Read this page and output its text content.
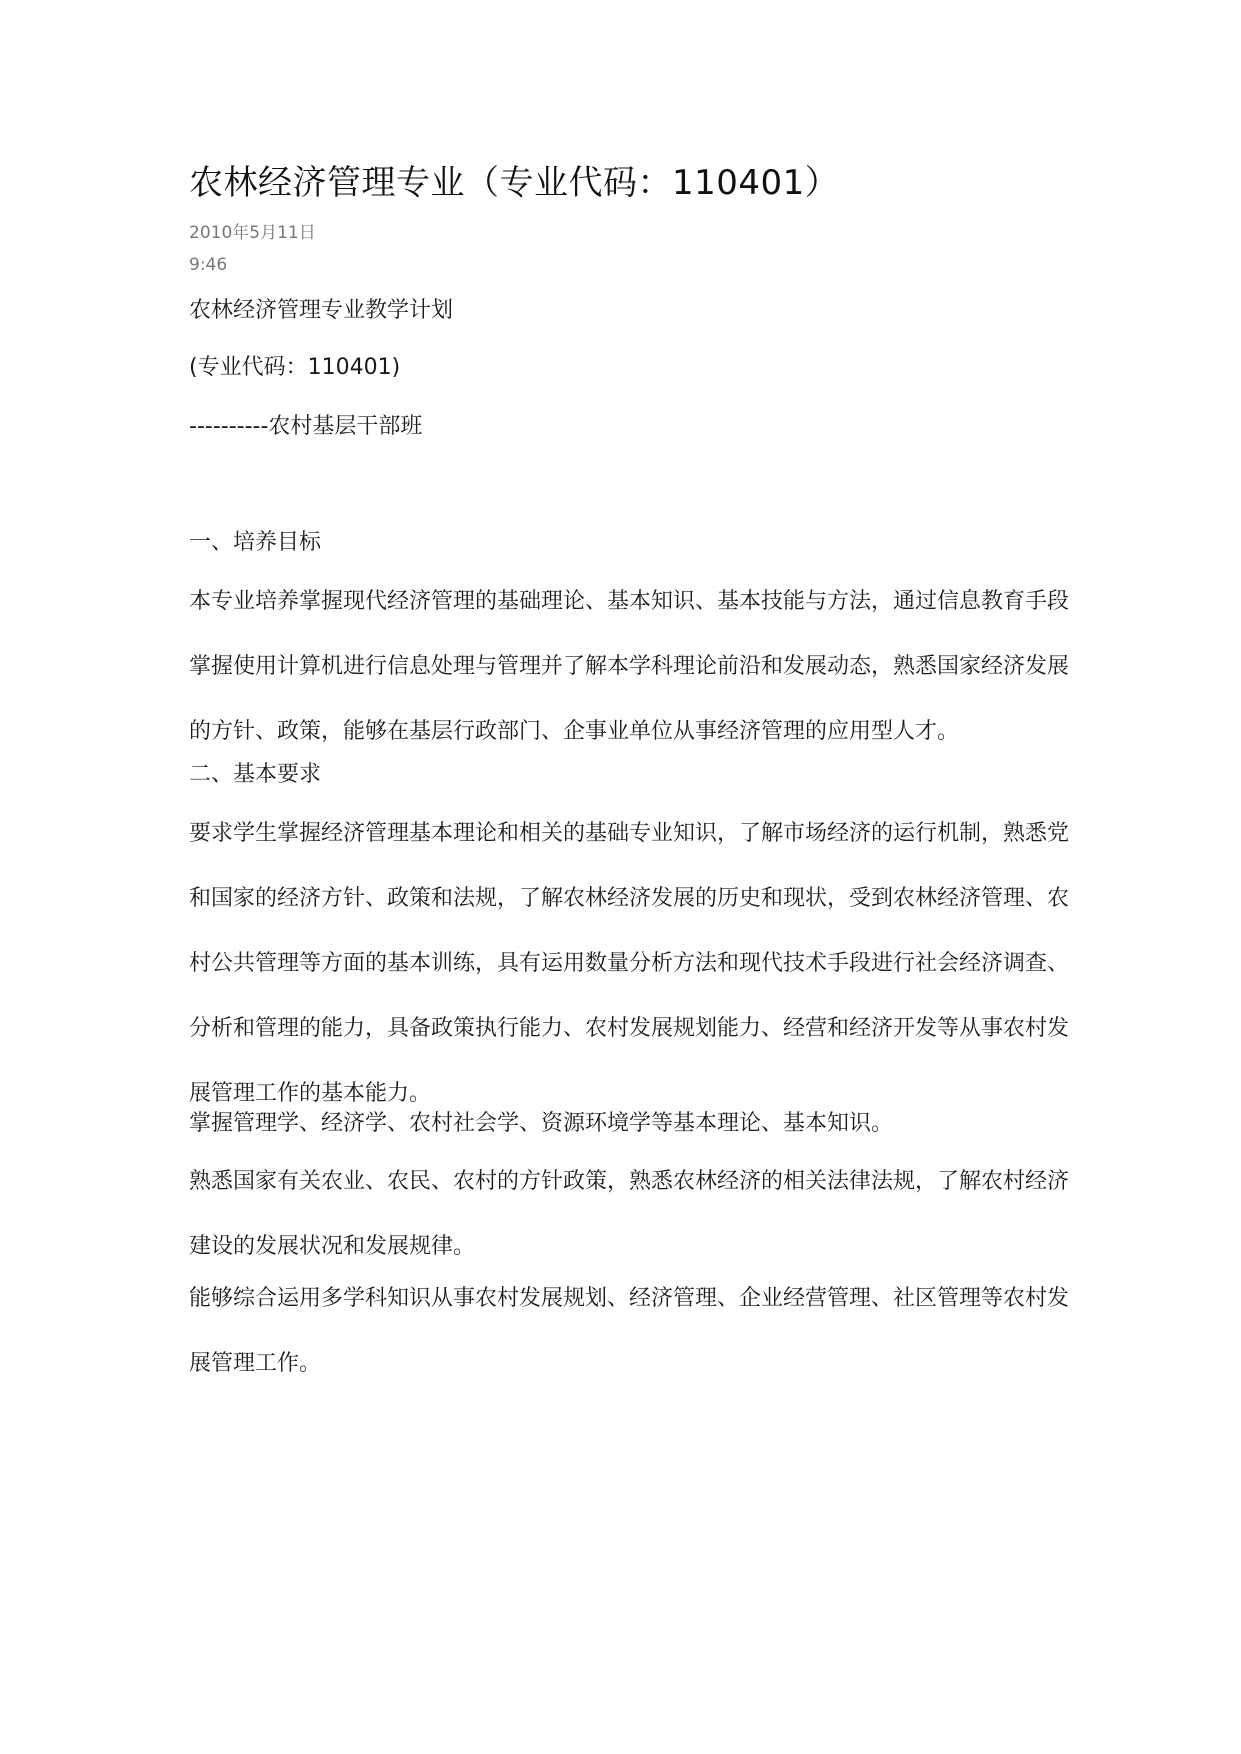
农林经济管理专业（专业代码：110401）
2010年5月11日
9:46
农林经济管理专业教学计划
(专业代码：110401)
----------农村基层干部班
一、培养目标
本专业培养掌握现代经济管理的基础理论、基本知识、基本技能与方法，通过信息教育手段掌握使用计算机进行信息处理与管理并了解本学科理论前沿和发展动态，熟悉国家经济发展的方针、政策，能够在基层行政部门、企事业单位从事经济管理的应用型人才。
二、基本要求
要求学生掌握经济管理基本理论和相关的基础专业知识，了解市场经济的运行机制，熟悉党和国家的经济方针、政策和法规，了解农林经济发展的历史和现状，受到农林经济管理、农村公共管理等方面的基本训练，具有运用数量分析方法和现代技术手段进行社会经济调查、分析和管理的能力，具备政策执行能力、农村发展规划能力、经营和经济开发等从事农村发展管理工作的基本能力。
掌握管理学、经济学、农村社会学、资源环境学等基本理论、基本知识。
熟悉国家有关农业、农民、农村的方针政策，熟悉农林经济的相关法律法规，了解农村经济建设的发展状况和发展规律。
能够综合运用多学科知识从事农村发展规划、经济管理、企业经营管理、社区管理等农村发展管理工作。
